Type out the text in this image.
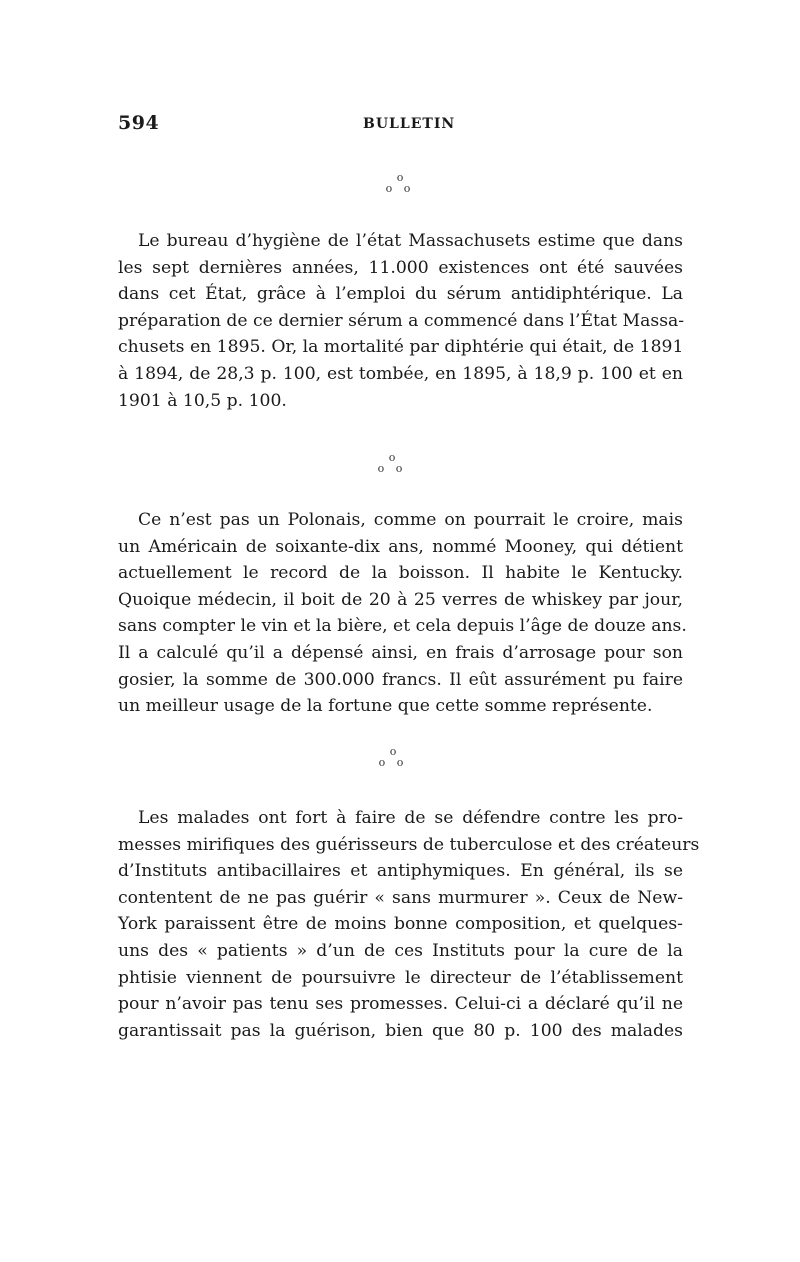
594	BULLETIN
o
o o
Le bureau d’hygiène de l’état Massachusets estime que dans
les sept dernières années, 11.000 existences ont été sauvées
dans cet État, grâce à l’emploi du sérum antidiphtérique. La
préparation de ce dernier sérum a commencé dans l’État Massa-
chusets en 1895. Or, la mortalité par diphtérie qui était, de 1891
à 1894, de 28,3 p. 100, est tombée, en 1895, à 18,9 p. 100 et en
1901 à 10,5 p. 100.
o
o o
Ce n’est pas un Polonais, comme on pourrait le croire, mais
un Américain de soixante-dix ans, nommé Mooney, qui détient
actuellement le record de la boisson. Il habite le Kentucky.
Quoique médecin, il boit de 20 à 25 verres de whiskey par jour,
sans compter le vin et la bière, et cela depuis l’âge de douze ans.
Il a calculé qu’il a dépensé ainsi, en frais d’arrosage pour son
gosier, la somme de 300.000 francs. Il eût assurément pu faire
un meilleur usage de la fortune que cette somme représente.
o
o o
Les malades ont fort à faire de se défendre contre les pro-
messes mirifiques des guérisseurs de tuberculose et des créateurs
d’Instituts antibacillaires et antiphymiques. En général, ils se
contentent de ne pas guérir « sans murmurer ». Ceux de New-
York paraissent être de moins bonne composition, et quelques-
uns des « patients » d’un de ces Instituts pour la cure de la
phtisie viennent de poursuivre le directeur de l’établissement
pour n’avoir pas tenu ses promesses. Celui-ci a déclaré qu’il ne
garantissait pas la guérison, bien que 80 p. 100 des malades
